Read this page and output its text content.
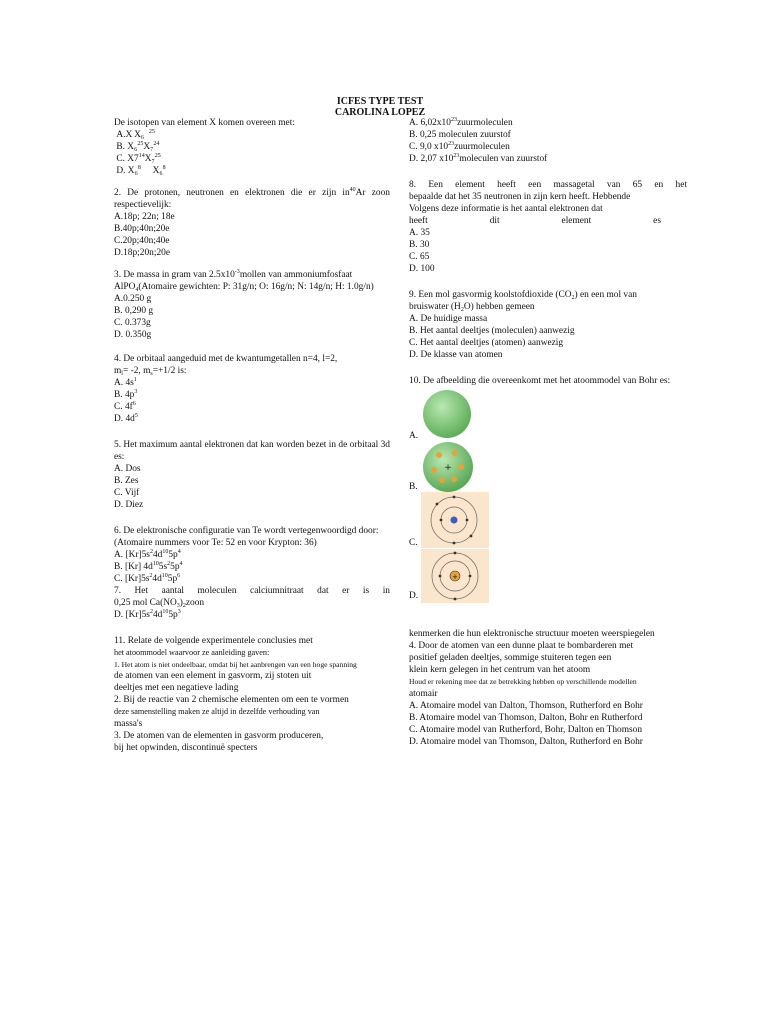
ICFES TYPE TEST
CAROLINA LOPEZ
De isotopen van element X komen overeen met:
A.X X₆ $^{25}$
B. X₆$^{25}$X₇$^{24}$
C. $X7^{14}X_7^{25}$
D. X₆$^8$ X₆$^8$
2. De protonen, neutronen en elektronen die er zijn $in^{40}Ar$ zoon respectievelijk:
A.18p; 22n; 18e
B.40p;40n;20e
C.20p;40n;40e
D.18p;20n;20e
3. De massa in gram van $2.5x10^{-3}mollen$ van ammoniumfosfaat
AlPO$_4$(Atomaire gewichten: P: 31g/n; O: 16g/n; N: 14g/n; H: 1.0g/n)
A.0.250 g
B. 0,290 g
C. 0.373g
D. 0.350g
4. De orbitaal aangeduid met de kwantumgetallen n=4, l=2,
$m_l= -2$, $m_s=+1/2$ is:
A. $4s^1$
B. $4p^3$
C. $4f^6$
D. $4d^5$
5. Het maximum aantal elektronen dat kan worden bezet in de orbitaal 3d es:
A. Dos
B. Zes
C. Vijf
D. Diez
6. De elektronische configuratie van Te wordt vertegenwoordigd door:
(Atomaire nummers voor Te: 52 en voor Krypton: 36)
A. $[Kr]5s^24d^{10}5p^4$
B. [Kr] $4d^{10}5s^25p^4$
C. $[Kr]5s^24d^{10}5p^6$
7. Het aantal moleculen calciumnitraat dat er is in
0,25 mol $Ca(NO_3)_2zoon$
D. $[Kr]5s^24d^{10}5p^3$
11. Relate de volgende experimentele conclusies met
het atoommodel waarvoor ze aanleiding gaven:
1. Het atom is niet ondeelbaar, omdat bij het aanbrengen van een hoge spanning
de atomen van een element in gasvorm, zij stoten uit
deeltjes met een negatieve lading
2. Bij de reactie van 2 chemische elementen om een te vormen
deze samenstelling maken ze altijd in dezelfde verhouding van
massa's
3. De atomen van de elementen in gasvorm produceren,
bij het opwinden, discontinuë specters
A. $6,02x10^{23}zuurmoleculen$
B. 0,25 moleculen zuurstof
C. 9,0 $x10^{23}zuurmoleculen$
D. 2,07 $x10^{23}moleculen$ van zuurstof
8. Een element heeft een massagetal van 65 en het
bepaalde dat het 35 neutronen in zijn kern heeft. Hebbende
Volgens deze informatie is het aantal elektronen dat
heeft	dit	element	es
A. 35
B. 30
C. 65
D. 100
9. Een mol gasvormig koolstofdioxide $(CO_2)$ en een mol van
bruiswater $(H_2O)$ hebben gemeen
A. De huidige massa
B. Het aantal deeltjes (moleculen) aanwezig
C. Het aantal deeltjes (atomen) aanwezig
D. De klasse van atomen
10. De afbeelding die overeenkomt met het atoommodel van Bohr es:
A.
+
B.
C.
+
D.
kenmerken die hun elektronische structuur moeten weerspiegelen
4. Door de atomen van een dunne plaat te bombarderen met
positief geladen deeltjes, sommige stuiteren tegen een
klein kern gelegen in het centrum van het atoom
Houd er rekening mee dat ze betrekking hebben op verschillende modellen
atomair
A. Atomaire model van Dalton, Thomson, Rutherford en Bohr
B. Atomaire model van Thomson, Dalton, Bohr en Rutherford
C. Atomaire model van Rutherford, Bohr, Dalton en Thomson
D. Atomaire model van Thomson, Dalton, Rutherford en Bohr
